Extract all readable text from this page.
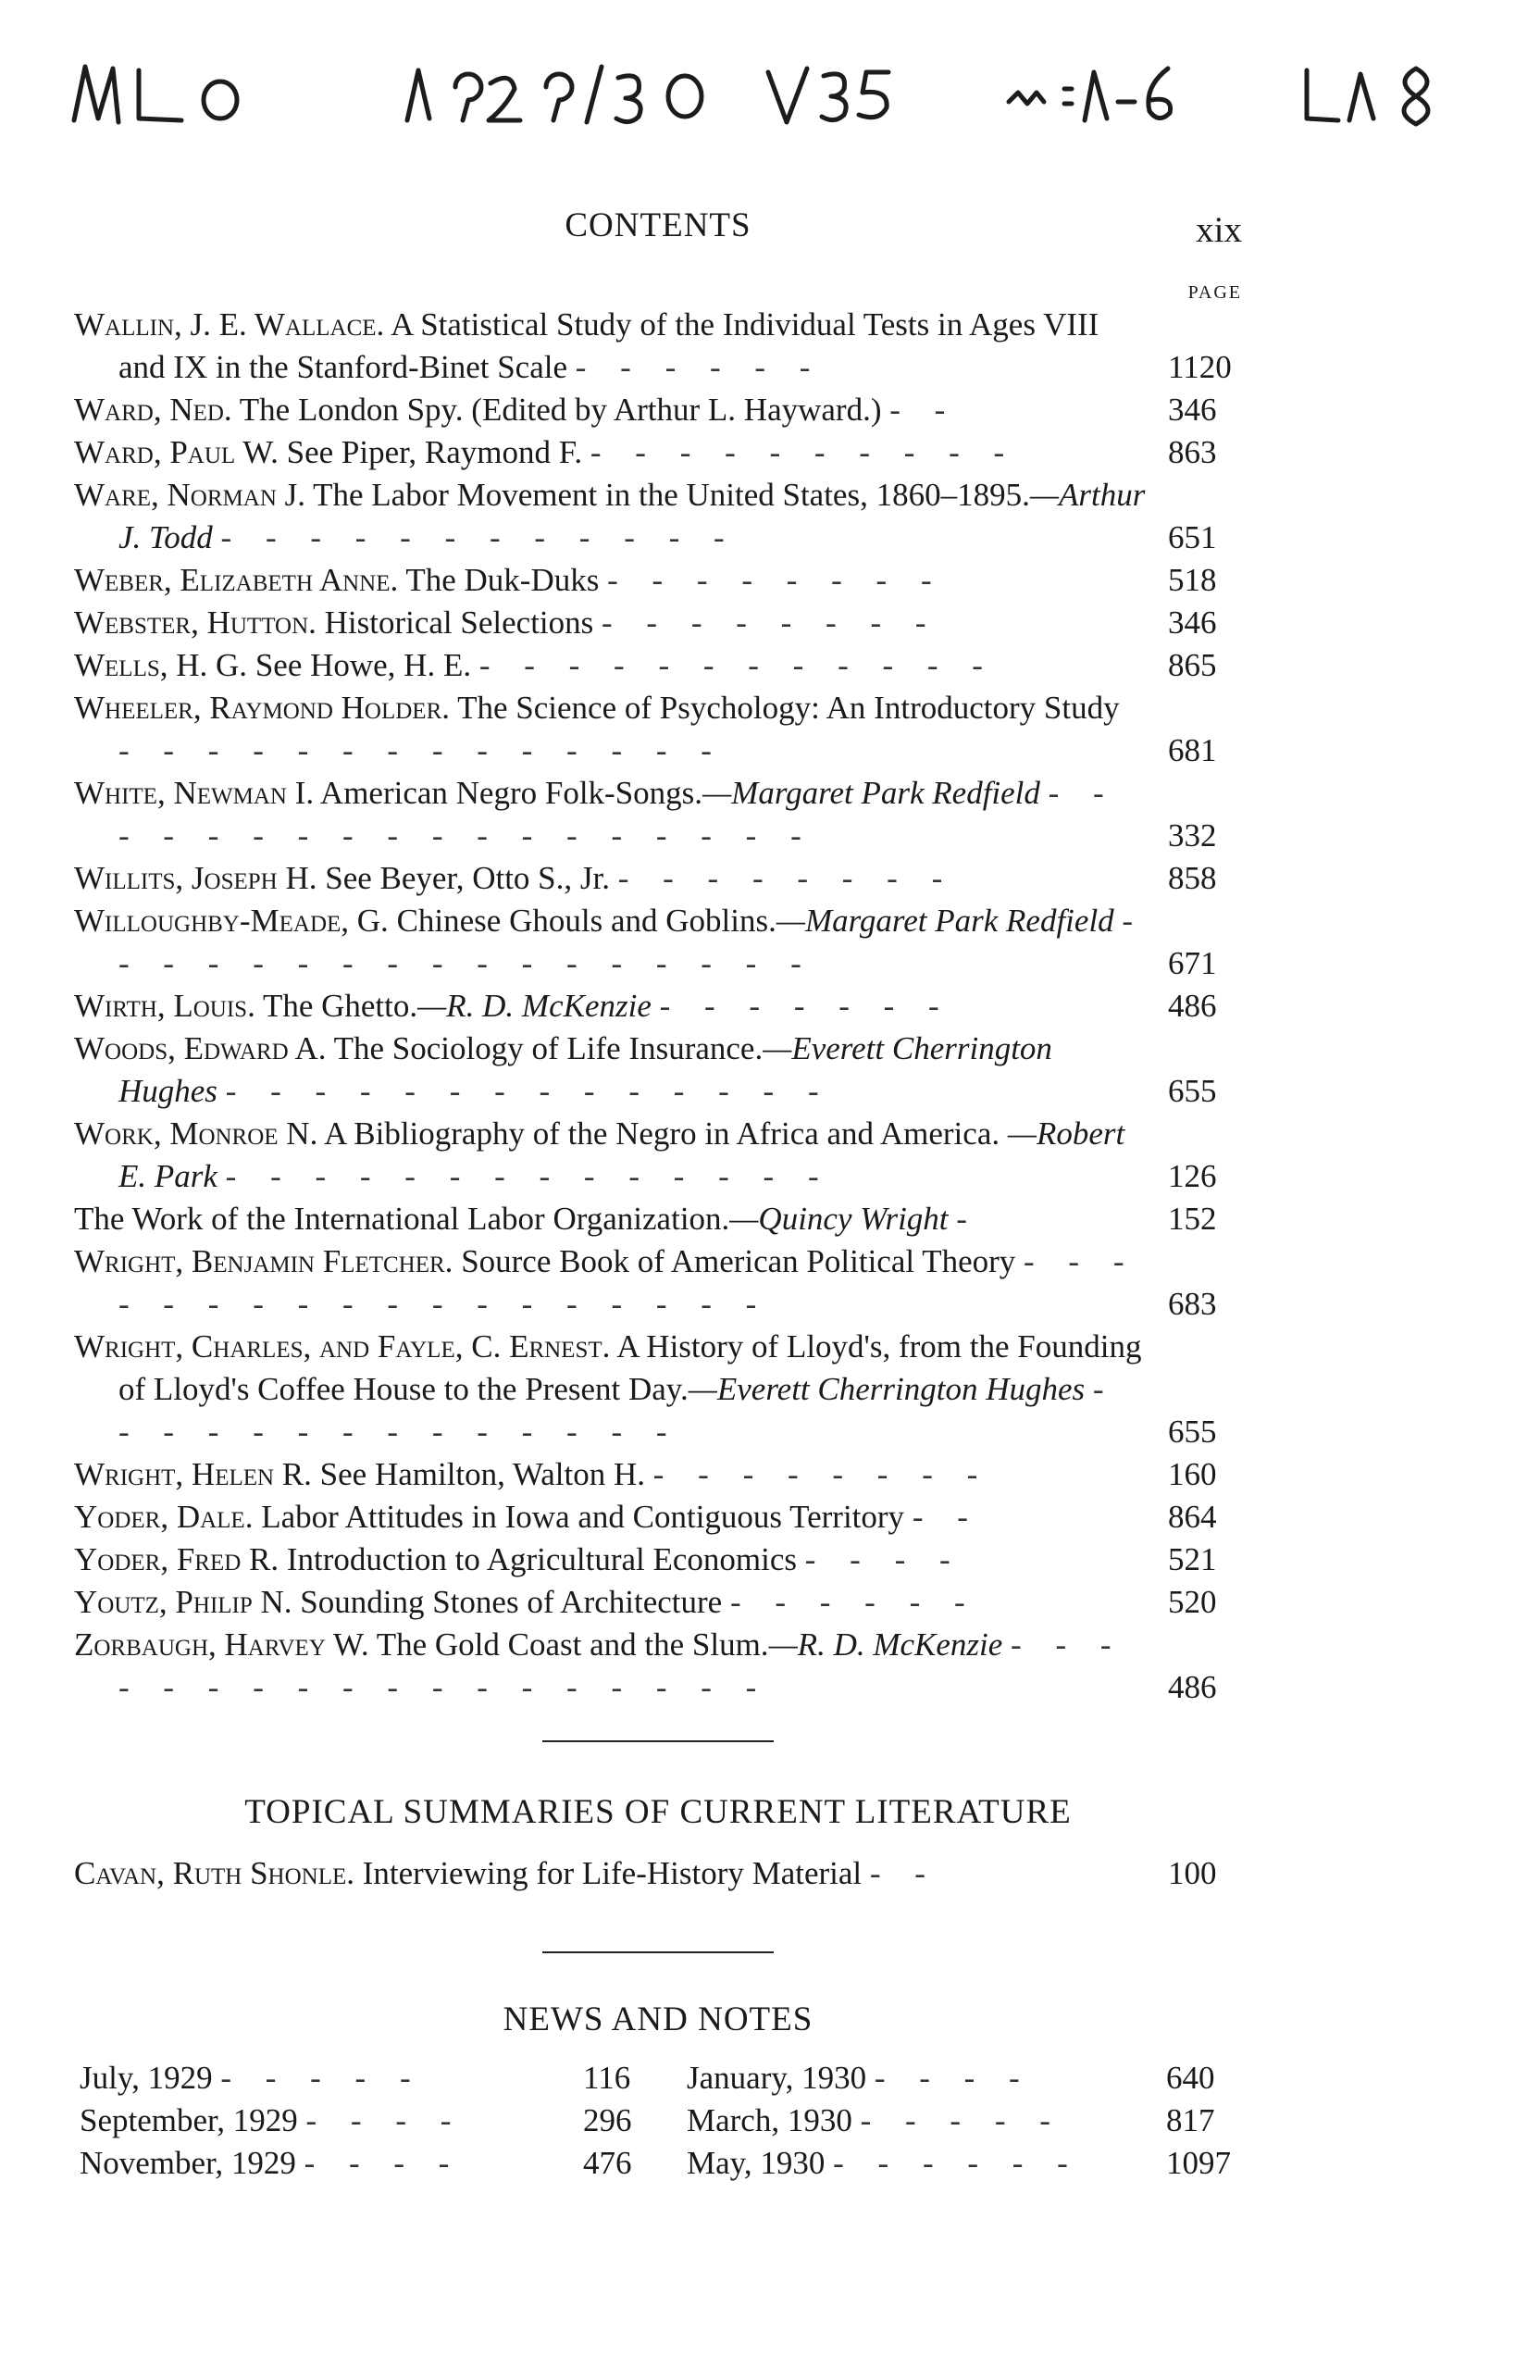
CONTENTS	xix
PAGE
Wallin, J. E. Wallace. A Statistical Study of the Individual Tests in Ages VIII and IX in the Stanford-Binet Scale - - - - - -	1120
Ward, Ned. The London Spy. (Edited by Arthur L. Hayward.) - -	346
Ward, Paul W. See Piper, Raymond F. - - - - - - - - - -	863
Ware, Norman J. The Labor Movement in the United States, 1860–1895.—Arthur J. Todd - - - - - - - - - - - -	651
Weber, Elizabeth Anne. The Duk-Duks - - - - - - - -	518
Webster, Hutton. Historical Selections - - - - - - - -	346
Wells, H. G. See Howe, H. E. - - - - - - - - - - - -	865
Wheeler, Raymond Holder. The Science of Psychology: An Introductory Study - - - - - - - - - - - - - -	681
White, Newman I. American Negro Folk-Songs.—Margaret Park Redfield - - - - - - - - - - - - - - - - - -	332
Willits, Joseph H. See Beyer, Otto S., Jr. - - - - - - - -	858
Willoughby-Meade, G. Chinese Ghouls and Goblins.—Margaret Park Redfield - - - - - - - - - - - - - - - - -	671
Wirth, Louis. The Ghetto.—R. D. McKenzie - - - - - - -	486
Woods, Edward A. The Sociology of Life Insurance.—Everett Cherrington Hughes - - - - - - - - - - - - - -	655
Work, Monroe N. A Bibliography of the Negro in Africa and America. —Robert E. Park - - - - - - - - - - - - - -	126
The Work of the International Labor Organization.—Quincy Wright -	152
Wright, Benjamin Fletcher. Source Book of American Political Theory - - - - - - - - - - - - - - - - - -	683
Wright, Charles, and Fayle, C. Ernest. A History of Lloyd's, from the Founding of Lloyd's Coffee House to the Present Day.—Everett Cherrington Hughes - - - - - - - - - - - - - -	655
Wright, Helen R. See Hamilton, Walton H. - - - - - - - -	160
Yoder, Dale. Labor Attitudes in Iowa and Contiguous Territory - -	864
Yoder, Fred R. Introduction to Agricultural Economics - - - -	521
Youtz, Philip N. Sounding Stones of Architecture - - - - - -	520
Zorbaugh, Harvey W. The Gold Coast and the Slum.—R. D. McKenzie - - - - - - - - - - - - - - - - - -	486
TOPICAL SUMMARIES OF CURRENT LITERATURE
Cavan, Ruth Shonle. Interviewing for Life-History Material - -	100
NEWS AND NOTES
July, 1929 - - - - -	116 January, 1930 - - - -	640
September, 1929 - - - -	296 March, 1930 - - - - -	817
November, 1929 - - - -	476 May, 1930 - - - - - -	1097
